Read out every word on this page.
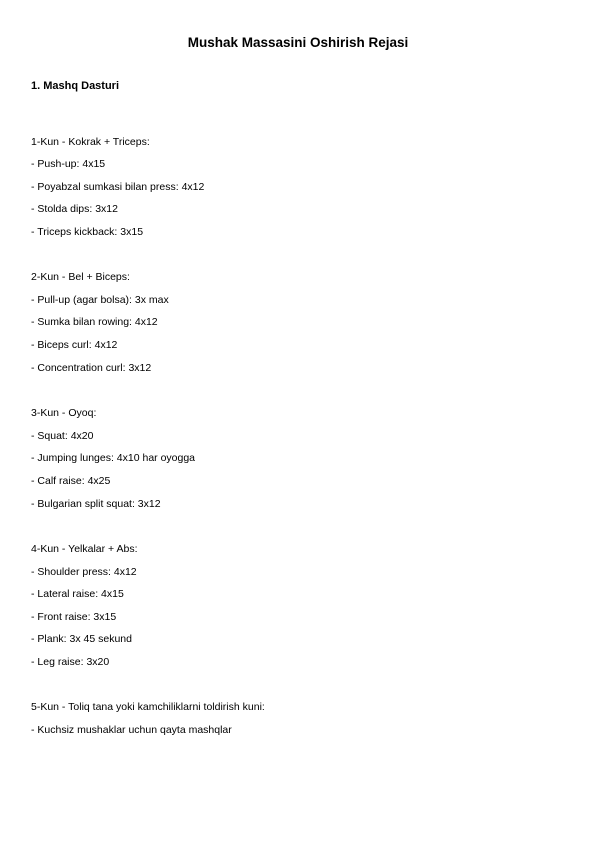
Mushak Massasini Oshirish Rejasi
1. Mashq Dasturi
1-Kun - Kokrak + Triceps:
- Push-up: 4x15
- Poyabzal sumkasi bilan press: 4x12
- Stolda dips: 3x12
- Triceps kickback: 3x15
2-Kun - Bel + Biceps:
- Pull-up (agar bolsa): 3x max
- Sumka bilan rowing: 4x12
- Biceps curl: 4x12
- Concentration curl: 3x12
3-Kun - Oyoq:
- Squat: 4x20
- Jumping lunges: 4x10 har oyogga
- Calf raise: 4x25
- Bulgarian split squat: 3x12
4-Kun - Yelkalar + Abs:
- Shoulder press: 4x12
- Lateral raise: 4x15
- Front raise: 3x15
- Plank: 3x 45 sekund
- Leg raise: 3x20
5-Kun - Toliq tana yoki kamchiliklarni toldirish kuni:
- Kuchsiz mushaklar uchun qayta mashqlar
